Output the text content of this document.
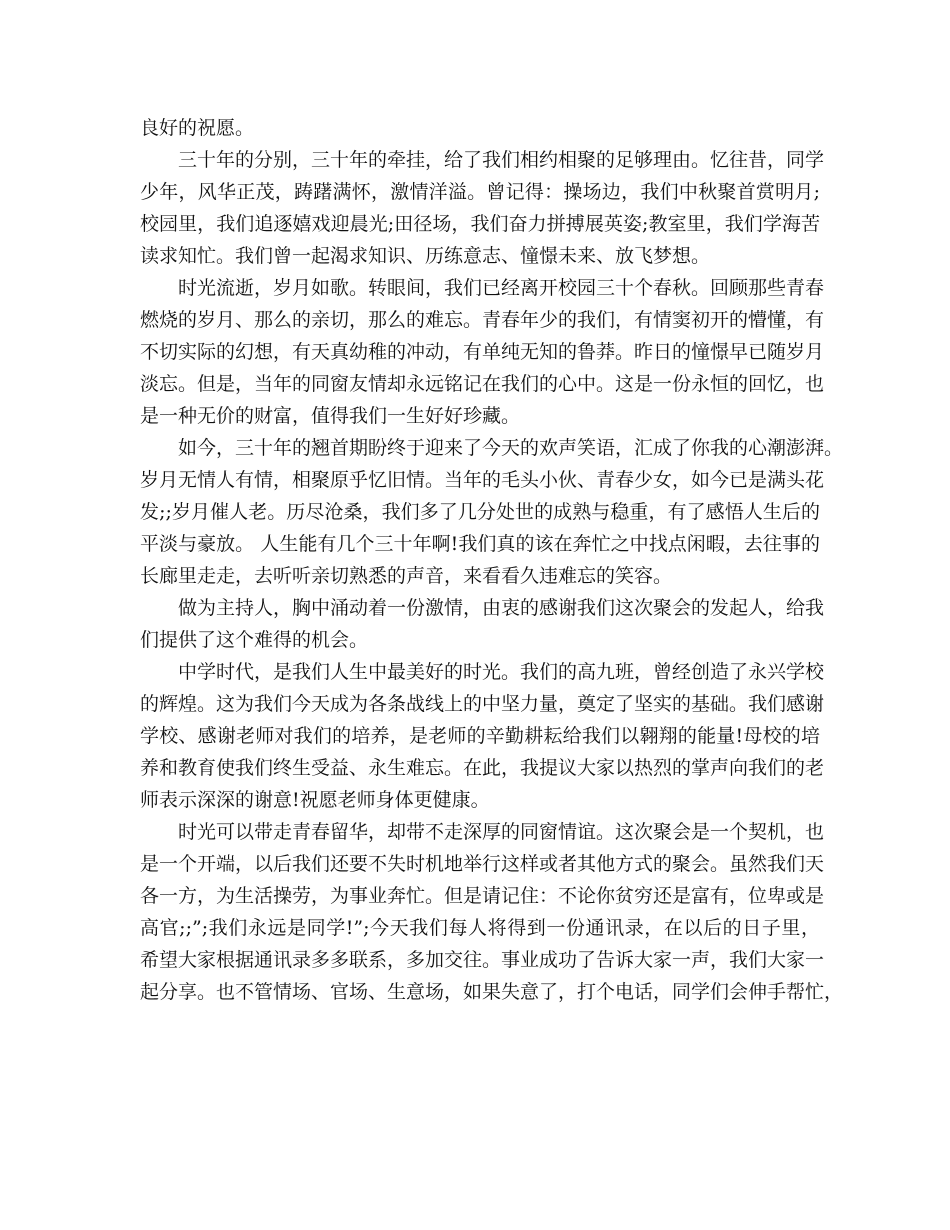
良好的祝愿。
三十年的分别，三十年的牵挂，给了我们相约相聚的足够理由。忆往昔，同学
少年，风华正茂，踌躇满怀，激情洋溢。曾记得：操场边，我们中秋聚首赏明月;
校园里，我们追逐嬉戏迎晨光;田径场，我们奋力拼搏展英姿;教室里，我们学海苦
读求知忙。我们曾一起渴求知识、历练意志、憧憬未来、放飞梦想。
时光流逝，岁月如歌。转眼间，我们已经离开校园三十个春秋。回顾那些青春
燃烧的岁月、那么的亲切，那么的难忘。青春年少的我们，有情窦初开的懵懂，有
不切实际的幻想，有天真幼稚的冲动，有单纯无知的鲁莽。昨日的憧憬早已随岁月
淡忘。但是，当年的同窗友情却永远铭记在我们的心中。这是一份永恒的回忆，也
是一种无价的财富，值得我们一生好好珍藏。
如今，三十年的翘首期盼终于迎来了今天的欢声笑语，汇成了你我的心潮澎湃。
岁月无情人有情，相聚原乎忆旧情。当年的毛头小伙、青春少女，如今已是满头花
发;;岁月催人老。历尽沧桑，我们多了几分处世的成熟与稳重，有了感悟人生后的
平淡与豪放。 人生能有几个三十年啊!我们真的该在奔忙之中找点闲暇，去往事的
长廊里走走，去听听亲切熟悉的声音，来看看久违难忘的笑容。
做为主持人，胸中涌动着一份激情，由衷的感谢我们这次聚会的发起人，给我
们提供了这个难得的机会。
中学时代，是我们人生中最美好的时光。我们的高九班，曾经创造了永兴学校
的辉煌。这为我们今天成为各条战线上的中坚力量，奠定了坚实的基础。我们感谢
学校、感谢老师对我们的培养，是老师的辛勤耕耘给我们以翱翔的能量!母校的培
养和教育使我们终生受益、永生难忘。在此，我提议大家以热烈的掌声向我们的老
师表示深深的谢意!祝愿老师身体更健康。
时光可以带走青春留华，却带不走深厚的同窗情谊。这次聚会是一个契机，也
是一个开端，以后我们还要不失时机地举行这样或者其他方式的聚会。虽然我们天
各一方，为生活操劳，为事业奔忙。但是请记住：不论你贫穷还是富有，位卑或是
高官;;”;我们永远是同学!”;今天我们每人将得到一份通讯录，在以后的日子里，
希望大家根据通讯录多多联系，多加交往。事业成功了告诉大家一声，我们大家一
起分享。也不管情场、官场、生意场，如果失意了，打个电话，同学们会伸手帮忙，
